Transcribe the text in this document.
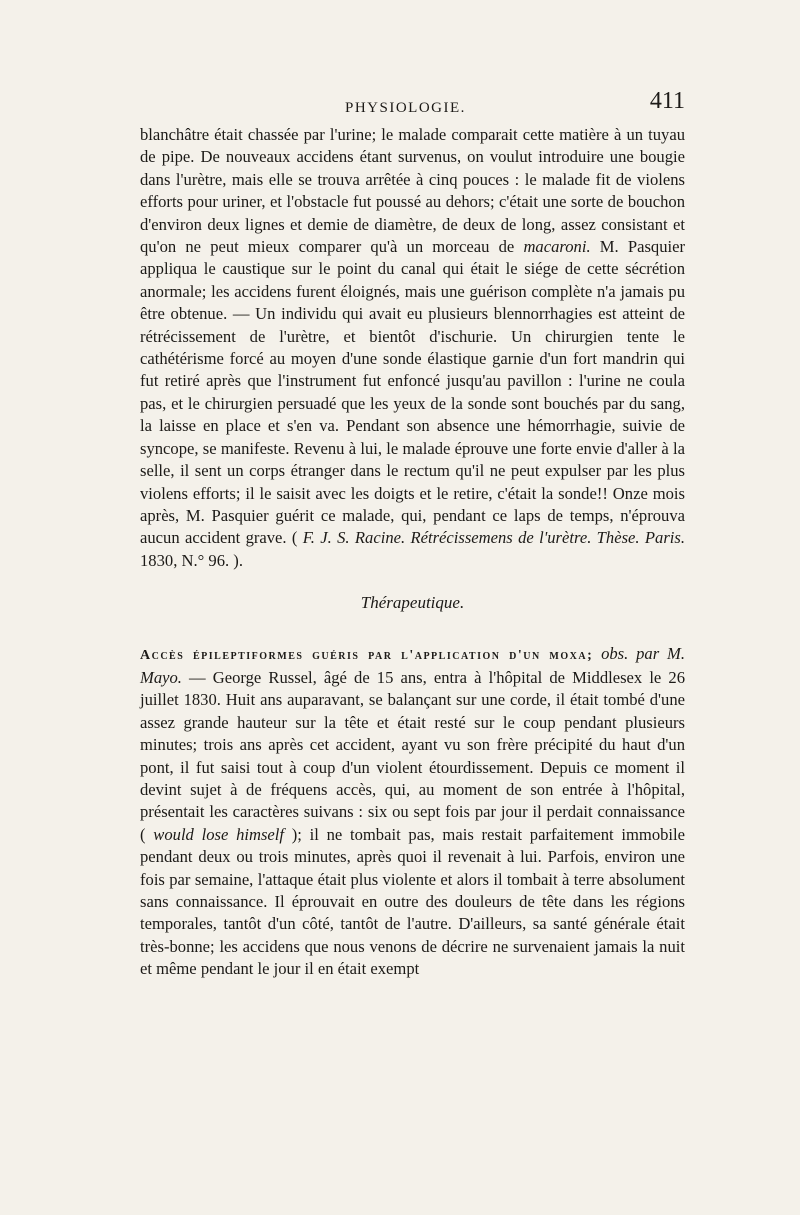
PHYSIOLOGIE.	411

blanchâtre était chassée par l'urine; le malade comparait cette matière à un tuyau de pipe. De nouveaux accidens étant survenus, on voulut introduire une bougie dans l'urètre, mais elle se trouva arrêtée à cinq pouces : le malade fit de violens efforts pour uriner, et l'obstacle fut poussé au dehors; c'était une sorte de bouchon d'environ deux lignes et demie de diamètre, de deux de long, assez consistant et qu'on ne peut mieux comparer qu'à un morceau de macaroni. M. Pasquier appliqua le caustique sur le point du canal qui était le siége de cette sécrétion anormale; les accidens furent éloignés, mais une guérison complète n'a jamais pu être obtenue. — Un individu qui avait eu plusieurs blennorrhagies est atteint de rétrécissement de l'urètre, et bientôt d'ischurie. Un chirurgien tente le cathétérisme forcé au moyen d'une sonde élastique garnie d'un fort mandrin qui fut retiré après que l'instrument fut enfoncé jusqu'au pavillon : l'urine ne coula pas, et le chirurgien persuadé que les yeux de la sonde sont bouchés par du sang, la laisse en place et s'en va. Pendant son absence une hémorrhagie, suivie de syncope, se manifeste. Revenu à lui, le malade éprouve une forte envie d'aller à la selle, il sent un corps étranger dans le rectum qu'il ne peut expulser par les plus violens efforts; il le saisit avec les doigts et le retire, c'était la sonde!! Onze mois après, M. Pasquier guérit ce malade, qui, pendant ce laps de temps, n'éprouva aucun accident grave. ( F. J. S. Racine. Rétrécissemens de l'urètre. Thèse. Paris. 1830, N.° 96. ).

Thérapeutique.

Accès épileptiformes guéris par l'application d'un moxa; obs. par M. Mayo. — George Russel, âgé de 15 ans, entra à l'hôpital de Middlesex le 26 juillet 1830. Huit ans auparavant, se balançant sur une corde, il était tombé d'une assez grande hauteur sur la tête et était resté sur le coup pendant plusieurs minutes; trois ans après cet accident, ayant vu son frère précipité du haut d'un pont, il fut saisi tout à coup d'un violent étourdissement. Depuis ce moment il devint sujet à de fréquens accès, qui, au moment de son entrée à l'hôpital, présentait les caractères suivans : six ou sept fois par jour il perdait connaissance ( would lose himself ); il ne tombait pas, mais restait parfaitement immobile pendant deux ou trois minutes, après quoi il revenait à lui. Parfois, environ une fois par semaine, l'attaque était plus violente et alors il tombait à terre absolument sans connaissance. Il éprouvait en outre des douleurs de tête dans les régions temporales, tantôt d'un côté, tantôt de l'autre. D'ailleurs, sa santé générale était très-bonne; les accidens que nous venons de décrire ne survenaient jamais la nuit et même pendant le jour il en était exempt
